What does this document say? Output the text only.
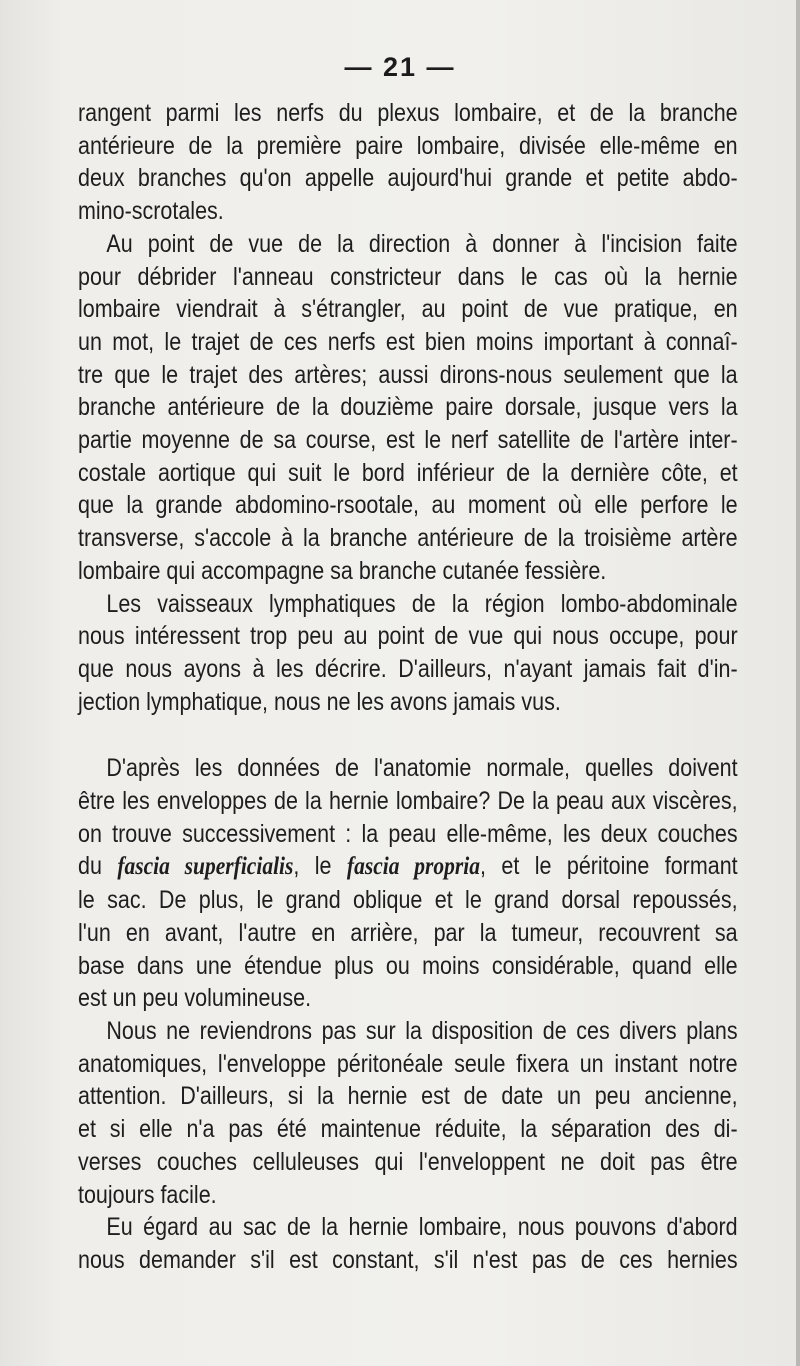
— 21 —

rangent parmi les nerfs du plexus lombaire, et de la branche

antérieure de la première paire lombaire, divisée elle-même en

deux branches qu'on appelle aujourd'hui grande et petite abdo-

mino-scrotales.

Au point de vue de la direction à donner à l'incision faite

pour débrider l'anneau constricteur dans le cas où la hernie

lombaire viendrait à s'étrangler, au point de vue pratique, en

un mot, le trajet de ces nerfs est bien moins important à connaî-

tre que le trajet des artères; aussi dirons-nous seulement que la

branche antérieure de la douzième paire dorsale, jusque vers la

partie moyenne de sa course, est le nerf satellite de l'artère inter-

costale aortique qui suit le bord inférieur de la dernière côte, et

que la grande abdomino-rsootale, au moment où elle perfore le

transverse, s'accole à la branche antérieure de la troisième artère

lombaire qui accompagne sa branche cutanée fessière.

Les vaisseaux lymphatiques de la région lombo-abdominale

nous intéressent trop peu au point de vue qui nous occupe, pour

que nous ayons à les décrire. D'ailleurs, n'ayant jamais fait d'in-

jection lymphatique, nous ne les avons jamais vus.

D'après les données de l'anatomie normale, quelles doivent

être les enveloppes de la hernie lombaire? De la peau aux viscères,

on trouve successivement : la peau elle-même, les deux couches

du fascia superficialis, le fascia propria, et le péritoine formant

le sac. De plus, le grand oblique et le grand dorsal repoussés,

l'un en avant, l'autre en arrière, par la tumeur, recouvrent sa

base dans une étendue plus ou moins considérable, quand elle

est un peu volumineuse.

Nous ne reviendrons pas sur la disposition de ces divers plans

anatomiques, l'enveloppe péritonéale seule fixera un instant notre

attention. D'ailleurs, si la hernie est de date un peu ancienne,

et si elle n'a pas été maintenue réduite, la séparation des di-

verses couches celluleuses qui l'enveloppent ne doit pas être

toujours facile.

Eu égard au sac de la hernie lombaire, nous pouvons d'abord

nous demander s'il est constant, s'il n'est pas de ces hernies
